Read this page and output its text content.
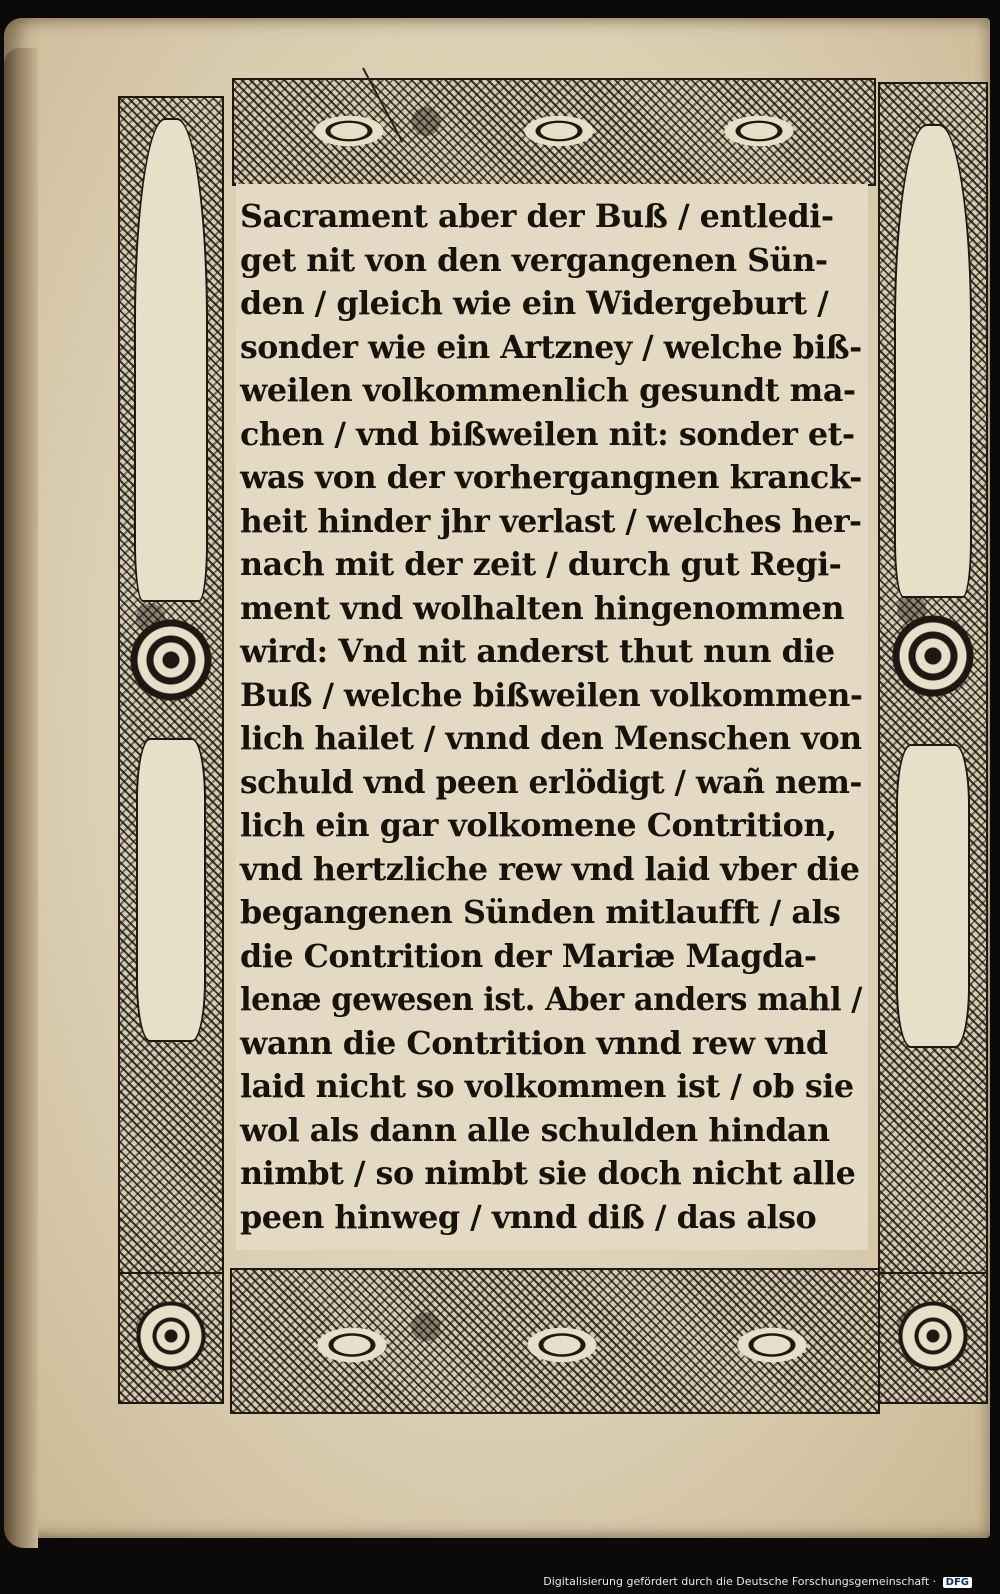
Sacrament aber der Buß / entledi-
get nit von den vergangenen Sün-
den / gleich wie ein Widergeburt /
sonder wie ein Artzney / welche biß-
weilen volkommenlich gesundt ma-
chen / vnd bißweilen nit: sonder et-
was von der vorhergangnen kranck-
heit hinder jhr verlast / welches her-
nach mit der zeit / durch gut Regi-
ment vnd wolhalten hingenommen
wird: Vnd nit anderst thut nun die
Buß / welche bißweilen volkommen-
lich hailet / vnnd den Menschen von
schuld vnd peen erlödigt / wañ nem-
lich ein gar volkomene Contrition,
vnd hertzliche rew vnd laid vber die
begangenen Sünden mitlaufft / als
die Contrition der Mariæ Magda-
lenæ gewesen ist. Aber anders mahl /
wann die Contrition vnnd rew vnd
laid nicht so volkommen ist / ob sie
wol als dann alle schulden hindan
nimbt / so nimbt sie doch nicht alle
peen hinweg / vnnd diß / das also
Digitalisierung gefördert durch die Deutsche Forschungsgemeinschaft · DFG
